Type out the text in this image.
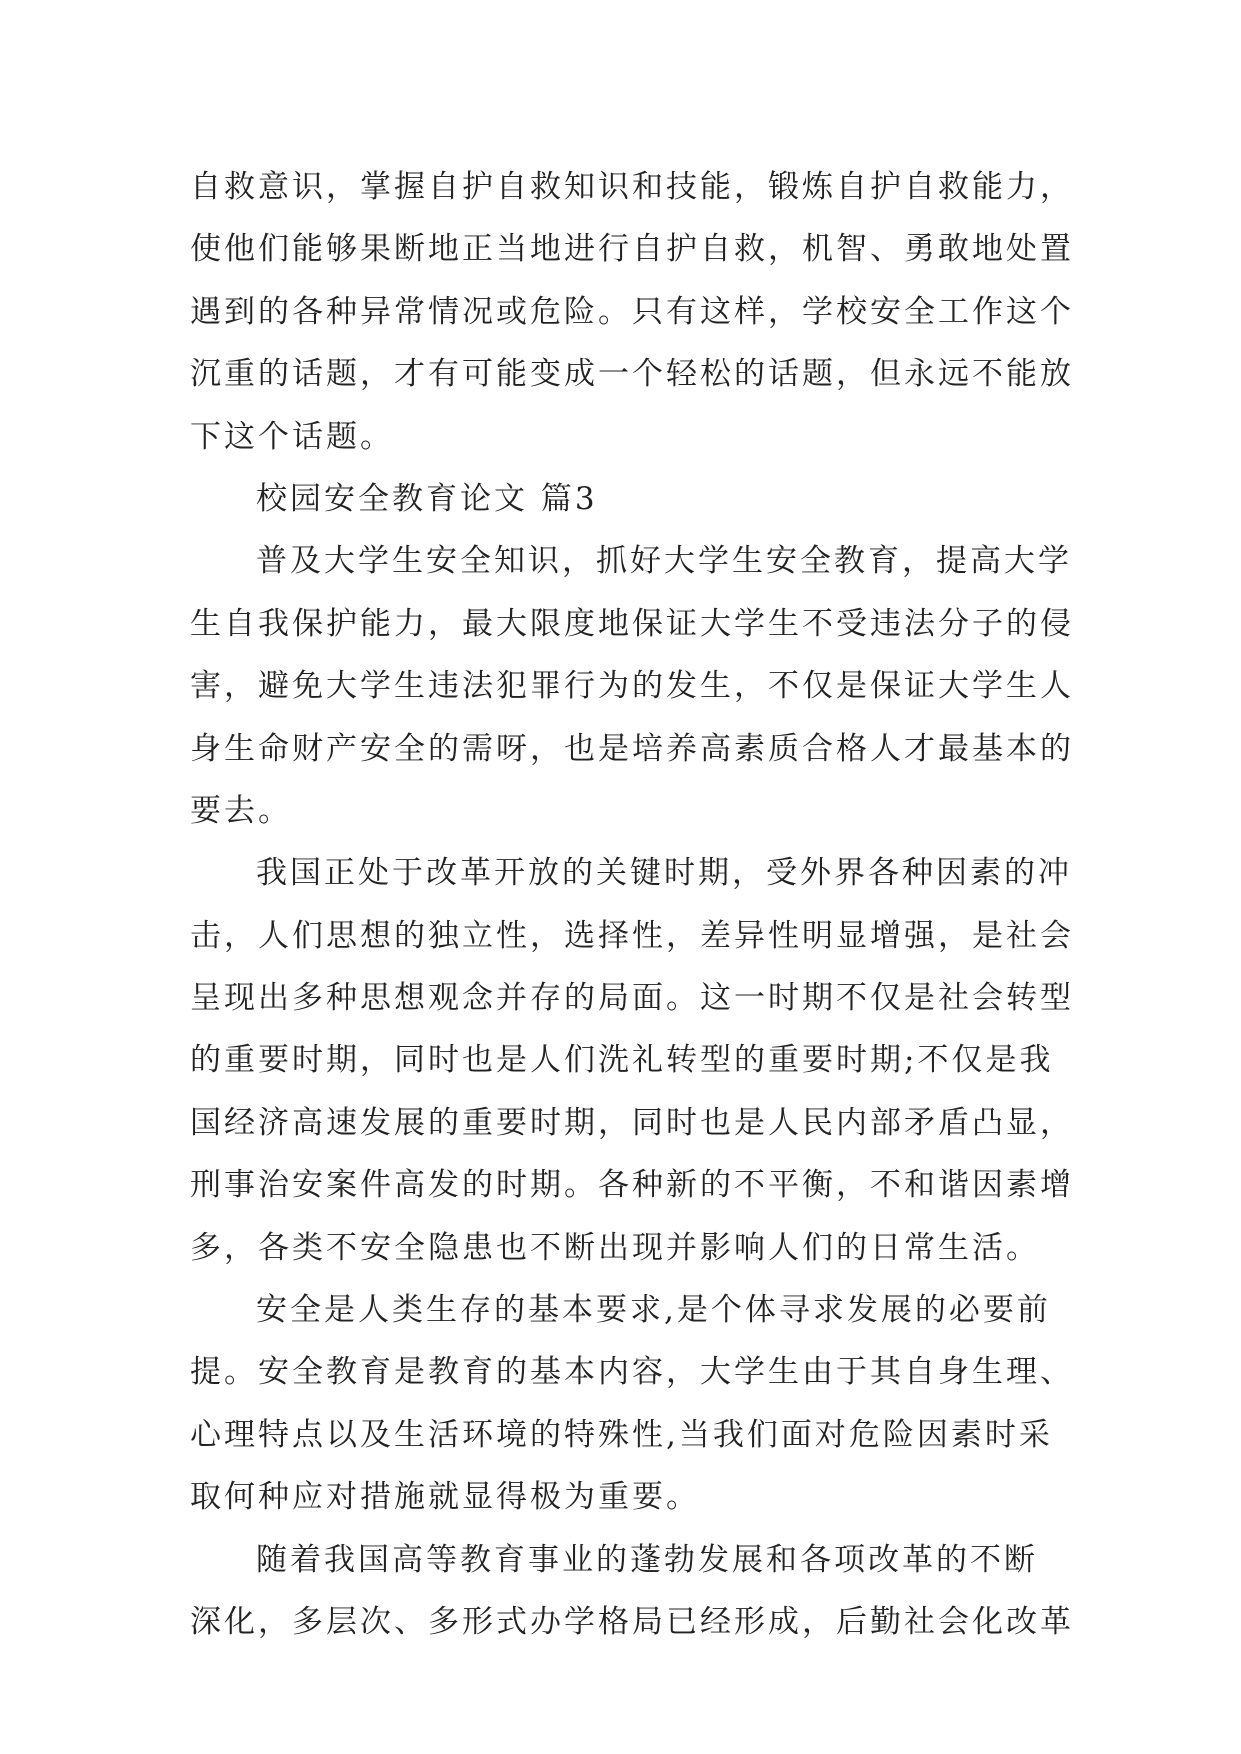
自救意识，掌握自护自救知识和技能，锻炼自护自救能力，
使他们能够果断地正当地进行自护自救，机智、勇敢地处置
遇到的各种异常情况或危险。只有这样，学校安全工作这个
沉重的话题，才有可能变成一个轻松的话题，但永远不能放
下这个话题。
校园安全教育论文 篇3
普及大学生安全知识，抓好大学生安全教育，提高大学
生自我保护能力，最大限度地保证大学生不受违法分子的侵
害，避免大学生违法犯罪行为的发生，不仅是保证大学生人
身生命财产安全的需呀，也是培养高素质合格人才最基本的
要去。
我国正处于改革开放的关键时期，受外界各种因素的冲
击，人们思想的独立性，选择性，差异性明显增强，是社会
呈现出多种思想观念并存的局面。这一时期不仅是社会转型
的重要时期，同时也是人们洗礼转型的重要时期;不仅是我
国经济高速发展的重要时期，同时也是人民内部矛盾凸显，
刑事治安案件高发的时期。各种新的不平衡，不和谐因素增
多，各类不安全隐患也不断出现并影响人们的日常生活。
安全是人类生存的基本要求,是个体寻求发展的必要前
提。安全教育是教育的基本内容，大学生由于其自身生理、
心理特点以及生活环境的特殊性,当我们面对危险因素时采
取何种应对措施就显得极为重要。
随着我国高等教育事业的蓬勃发展和各项改革的不断
深化，多层次、多形式办学格局已经形成，后勤社会化改革
